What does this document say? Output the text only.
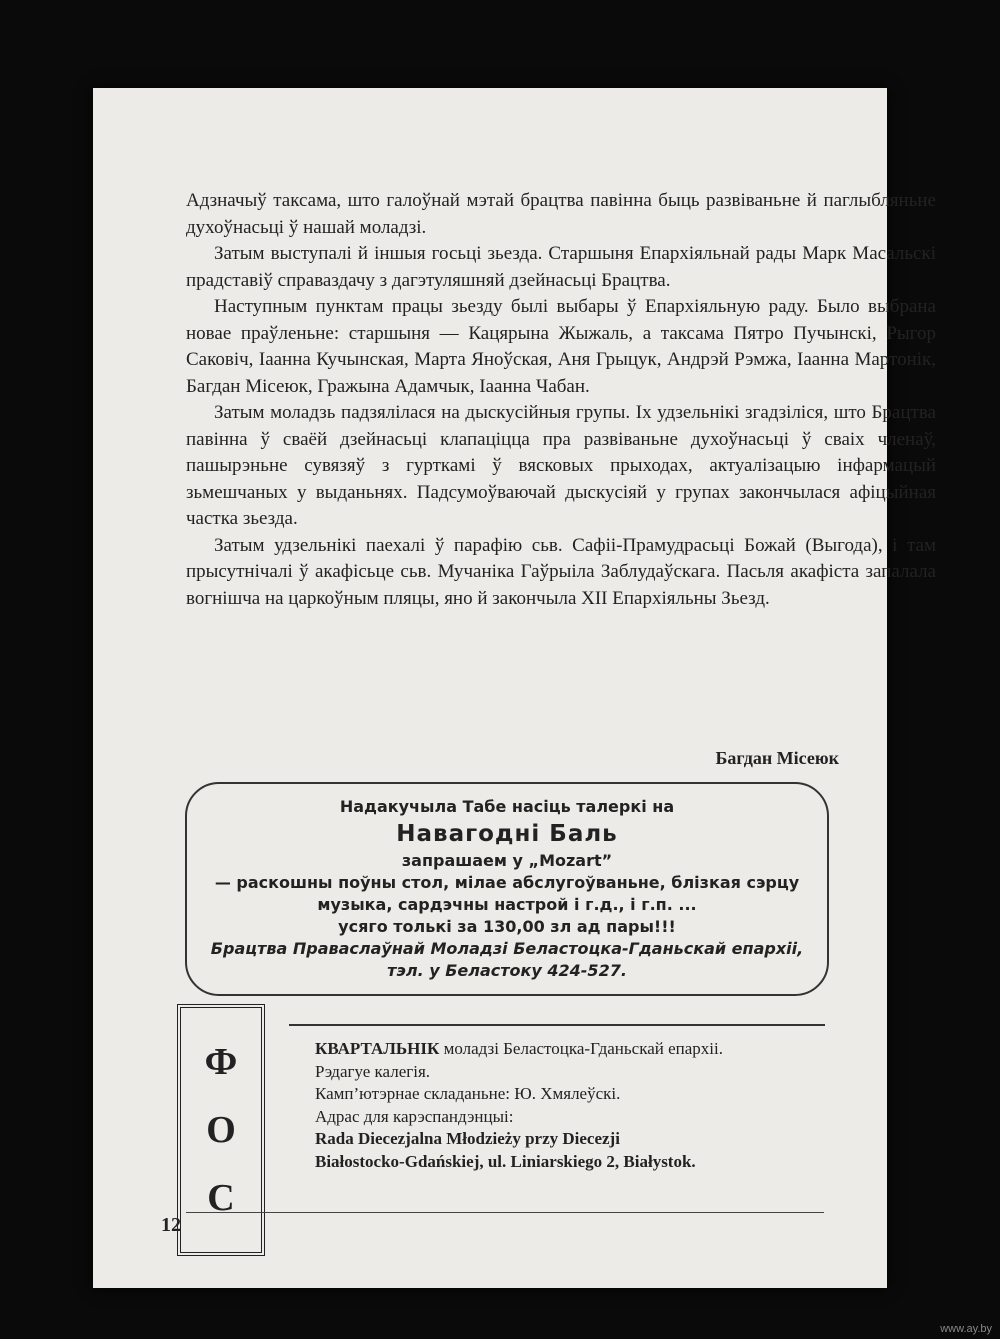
Адзначыў таксама, што галоўнай мэтай брацтва павінна быць развіваньне й паглыбляньне духоўнасьці ў нашай моладзі.

Затым выступалі й іншыя госьці зьезда. Старшыня Епархіяльнай рады Марк Масальскі прадставіў справаздачу з дагэтуляшняй дзейнасьці Брацтва.

Наступным пунктам працы зьезду былі выбары ў Епархіяльную раду. Было выбрана новае праўленьне: старшыня — Кацярына Жыжаль, а таксама Пятро Пучынскі, Рыгор Саковіч, Іаанна Кучынская, Марта Яноўская, Аня Грыцук, Андрэй Рэмжа, Іаанна Мартонік, Багдан Місеюк, Гражына Адамчык, Іаанна Чабан.

Затым моладзь падзялілася на дыскусійныя групы. Іх удзельнікі згадзіліся, што Брацтва павінна ў сваёй дзейнасьці клапаціцца пра развіваньне духоўнасьці ў сваіх членаў, пашырэньне сувязяў з гурткамі ў вясковых прыходах, актуалізацыю інфармацый зьмешчаных у выданьнях. Падсумоўваючай дыскусіяй у групах закончылася афіцыйная частка зьезда.

Затым удзельнікі паехалі ў парафію сьв. Сафіі-Прамудрасьці Божай (Выгода), і там прысутнічалі ў акафісьце сьв. Мучаніка Гаўрыіла Заблудаўскага. Пасьля акафіста запалала вогнішча на царкоўным пляцы, яно й закончыла XII Епархіяльны Зьезд.

Багдан Місеюк
Надакучыла Табе насіць талеркі на
Навагодні Баль
запрашаем у „Mozart”
— раскошны поўны стол, мілае абслугоўваньне, блізкая сэрцу
музыка, сардэчны настрой і г.д., і г.п. ...
усяго толькі за 130,00 зл ад пары!!!
Брацтва Праваслаўнай Моладзі Беластоцка-Гданьскай епархіі,
тэл. у Беластоку 424-527.
Ф
О
С
КВАРТАЛЬНІК моладзі Беластоцка-Гданьскай епархіі.
Рэдагуе калегія.
Камп’ютэрнае складаньне: Ю. Хмялеўскі.
Адрас для карэспандэнцыі:
Rada Diecezjalna Młodzieży przy Diecezji
Białostocko-Gdańskiej, ul. Liniarskiego 2, Białystok.
12
www.ay.by
